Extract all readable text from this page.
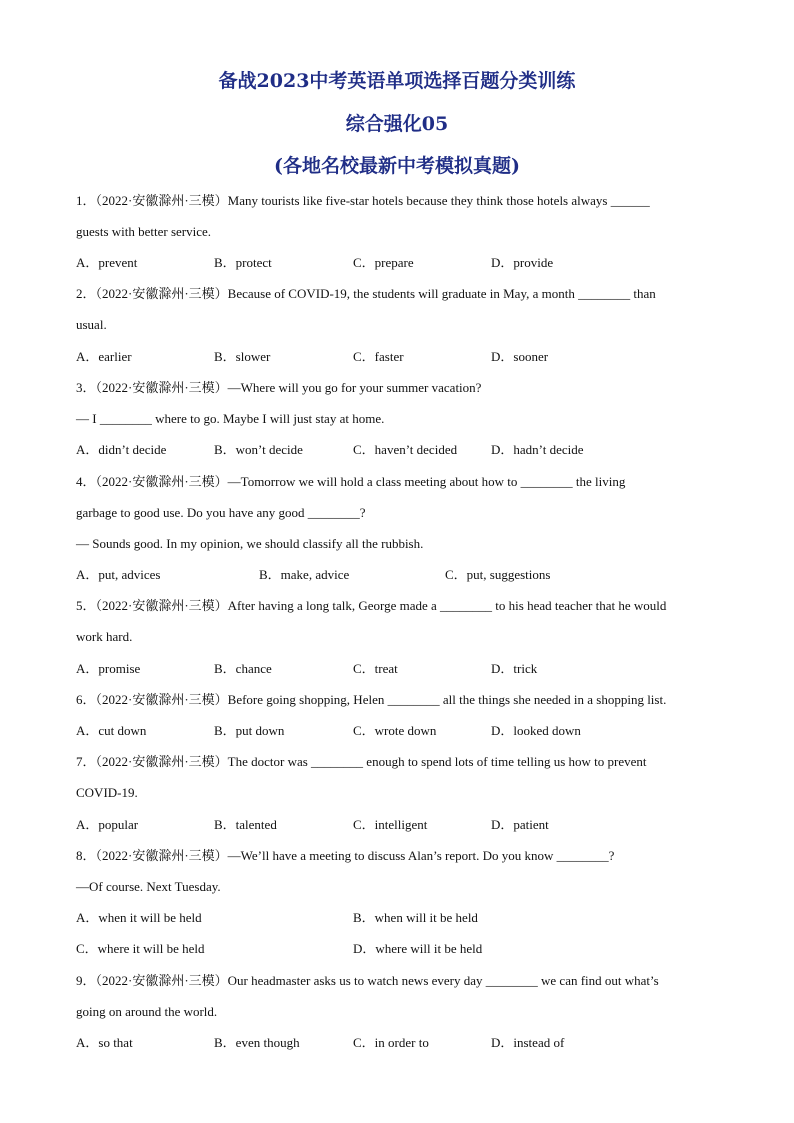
备战2023中考英语单项选择百题分类训练
综合强化05
(各地名校最新中考模拟真题)

1．（2022·安徽滁州·三模）Many tourists like five-star hotels because they think those hotels always ______

guests with better service.

A．prevent	B．protect	C．prepare	D．provide

2．（2022·安徽滁州·三模）Because of COVID-19, the students will graduate in May, a month ________ than

usual.

A．earlier	B．slower	C．faster	D．sooner

3．（2022·安徽滁州·三模）—Where will you go for your summer vacation?

— I ________ where to go. Maybe I will just stay at home.

A．didn’t decide	B．won’t decide	C．haven’t decided	D．hadn’t decide

4．（2022·安徽滁州·三模）—Tomorrow we will hold a class meeting about how to ________ the living

garbage to good use. Do you have any good ________?

— Sounds good. In my opinion, we should classify all the rubbish.

A．put, advices	B．make, advice	C．put, suggestions

5．（2022·安徽滁州·三模）After having a long talk, George made a ________ to his head teacher that he would

work hard.

A．promise	B．chance	C．treat	D．trick

6．（2022·安徽滁州·三模）Before going shopping, Helen ________ all the things she needed in a shopping list.

A．cut down	B．put down	C．wrote down	D．looked down

7．（2022·安徽滁州·三模）The doctor was ________ enough to spend lots of time telling us how to prevent

COVID-19.

A．popular	B．talented	C．intelligent	D．patient

8．（2022·安徽滁州·三模）—We’ll have a meeting to discuss Alan’s report. Do you know ________?

—Of course. Next Tuesday.

A．when it will be held	B．when will it be held
C．where it will be held	D．where will it be held

9．（2022·安徽滁州·三模）Our headmaster asks us to watch news every day ________ we can find out what’s

going on around the world.

A．so that	B．even though	C．in order to	D．instead of
